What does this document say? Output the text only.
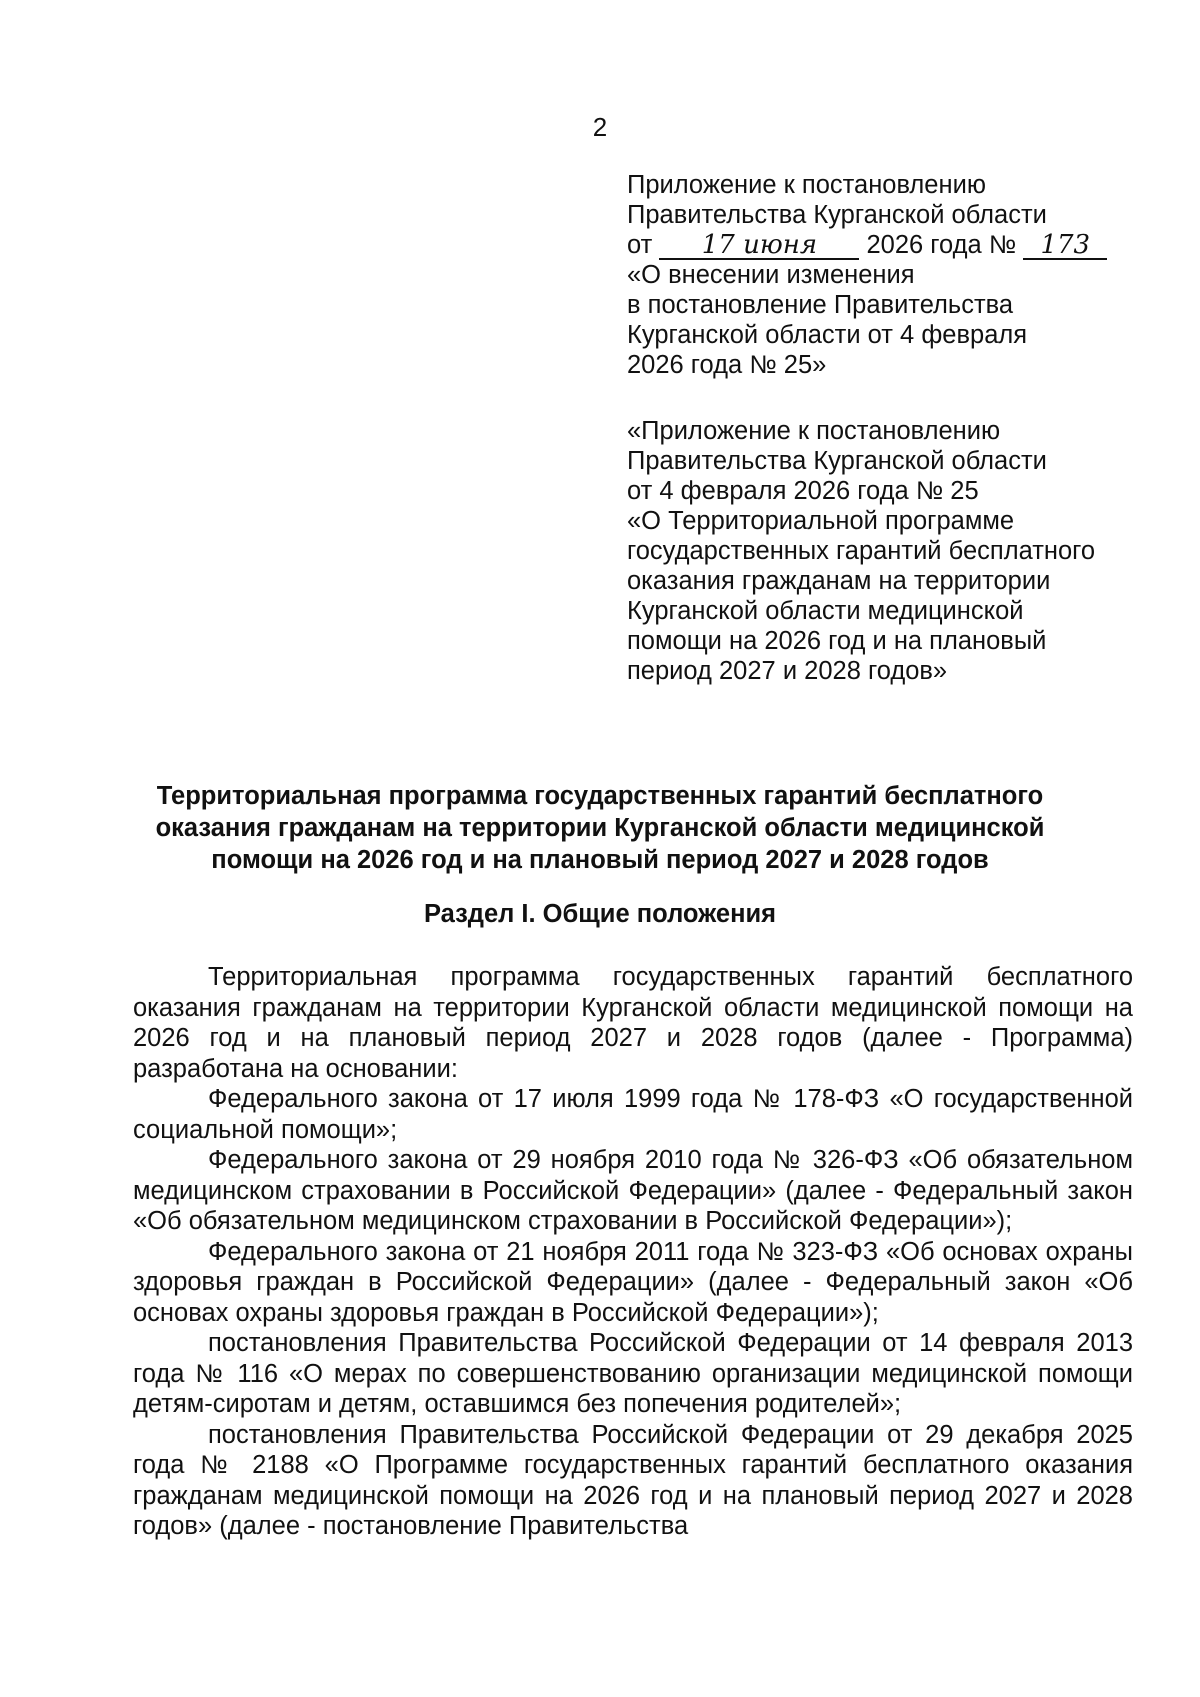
2
Приложение к постановлению
Правительства Курганской области
от 17 июня 2026 года № 173
«О внесении изменения
в постановление Правительства
Курганской области от 4 февраля
2026 года № 25»
«Приложение к постановлению
Правительства Курганской области
от 4 февраля 2026 года № 25
«О Территориальной программе
государственных гарантий бесплатного
оказания гражданам на территории
Курганской области медицинской
помощи на 2026 год и на плановый
период 2027 и 2028 годов»
Территориальная программа государственных гарантий бесплатного
оказания гражданам на территории Курганской области медицинской
помощи на 2026 год и на плановый период 2027 и 2028 годов
Раздел I. Общие положения

Территориальная программа государственных гарантий бесплатного оказания гражданам на территории Курганской области медицинской помощи на 2026 год и на плановый период 2027 и 2028 годов (далее - Программа) разработана на основании:

Федерального закона от 17 июля 1999 года № 178-ФЗ «О государственной социальной помощи»;

Федерального закона от 29 ноября 2010 года № 326-ФЗ «Об обязательном медицинском страховании в Российской Федерации» (далее - Федеральный закон «Об обязательном медицинском страховании в Российской Федерации»);

Федерального закона от 21 ноября 2011 года № 323-ФЗ «Об основах охраны здоровья граждан в Российской Федерации» (далее - Федеральный закон «Об основах охраны здоровья граждан в Российской Федерации»);

постановления Правительства Российской Федерации от 14 февраля 2013 года № 116 «О мерах по совершенствованию организации медицинской помощи детям-сиротам и детям, оставшимся без попечения родителей»;

постановления Правительства Российской Федерации от 29 декабря 2025 года № 2188 «О Программе государственных гарантий бесплатного оказания гражданам медицинской помощи на 2026 год и на плановый период 2027 и 2028 годов» (далее - постановление Правительства
